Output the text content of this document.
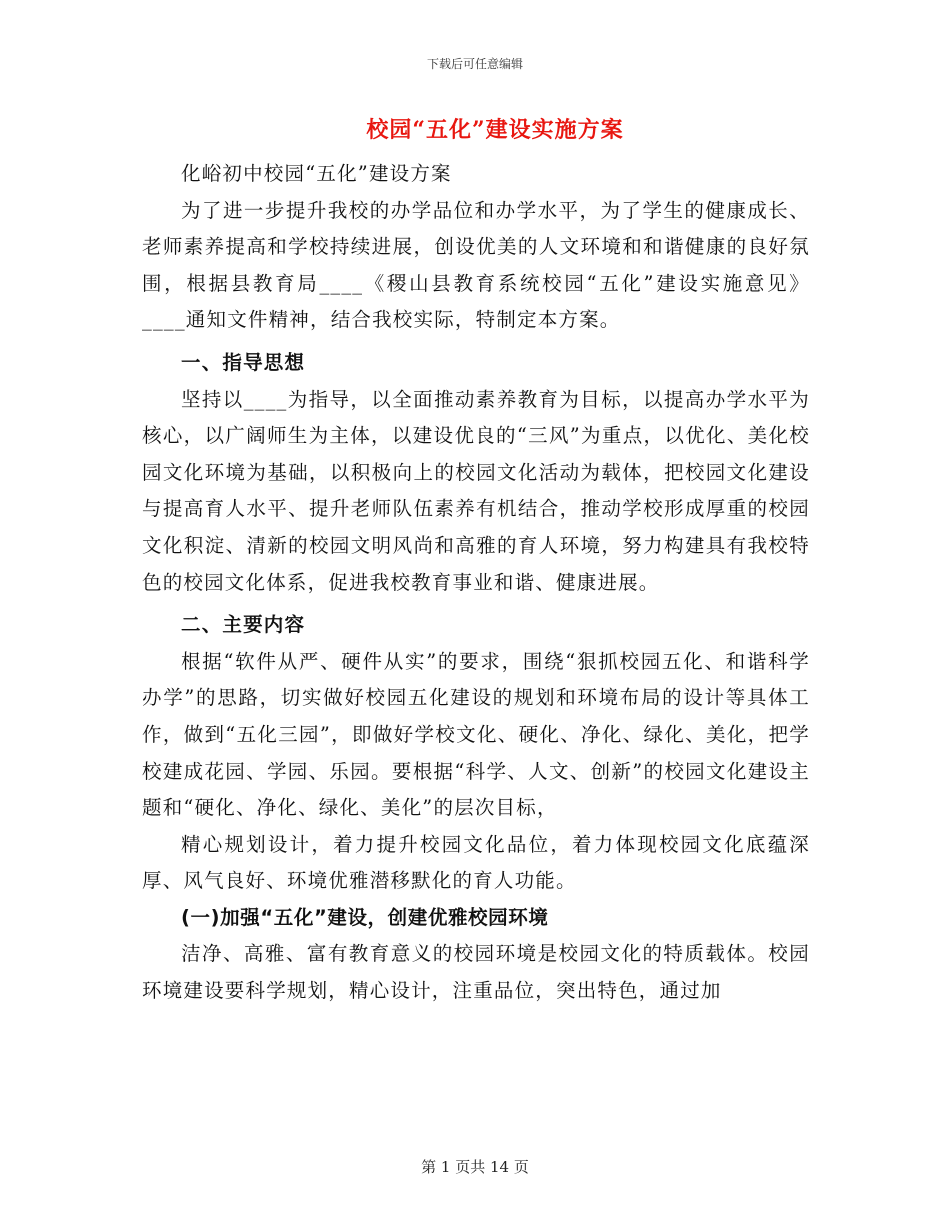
下载后可任意编辑
校园“五化”建设实施方案

化峪初中校园“五化”建设方案

为了进一步提升我校的办学品位和办学水平，为了学生的健康成长、老师素养提高和学校持续进展，创设优美的人文环境和和谐健康的良好氛围，根据县教育局____《稷山县教育系统校园“五化”建设实施意见》____通知文件精神，结合我校实际，特制定本方案。

一、指导思想

坚持以____为指导，以全面推动素养教育为目标，以提高办学水平为核心，以广阔师生为主体，以建设优良的“三风”为重点，以优化、美化校园文化环境为基础，以积极向上的校园文化活动为载体，把校园文化建设与提高育人水平、提升老师队伍素养有机结合，推动学校形成厚重的校园文化积淀、清新的校园文明风尚和高雅的育人环境，努力构建具有我校特色的校园文化体系，促进我校教育事业和谐、健康进展。

二、主要内容

根据“软件从严、硬件从实”的要求，围绕“狠抓校园五化、和谐科学办学”的思路，切实做好校园五化建设的规划和环境布局的设计等具体工作，做到“五化三园”，即做好学校文化、硬化、净化、绿化、美化，把学校建成花园、学园、乐园。要根据“科学、人文、创新”的校园文化建设主题和“硬化、净化、绿化、美化”的层次目标，

精心规划设计，着力提升校园文化品位，着力体现校园文化底蕴深厚、风气良好、环境优雅潜移默化的育人功能。

(一)加强“五化”建设，创建优雅校园环境

洁净、高雅、富有教育意义的校园环境是校园文化的特质载体。校园环境建设要科学规划，精心设计，注重品位，突出特色，通过加

第 1 页共 14 页
